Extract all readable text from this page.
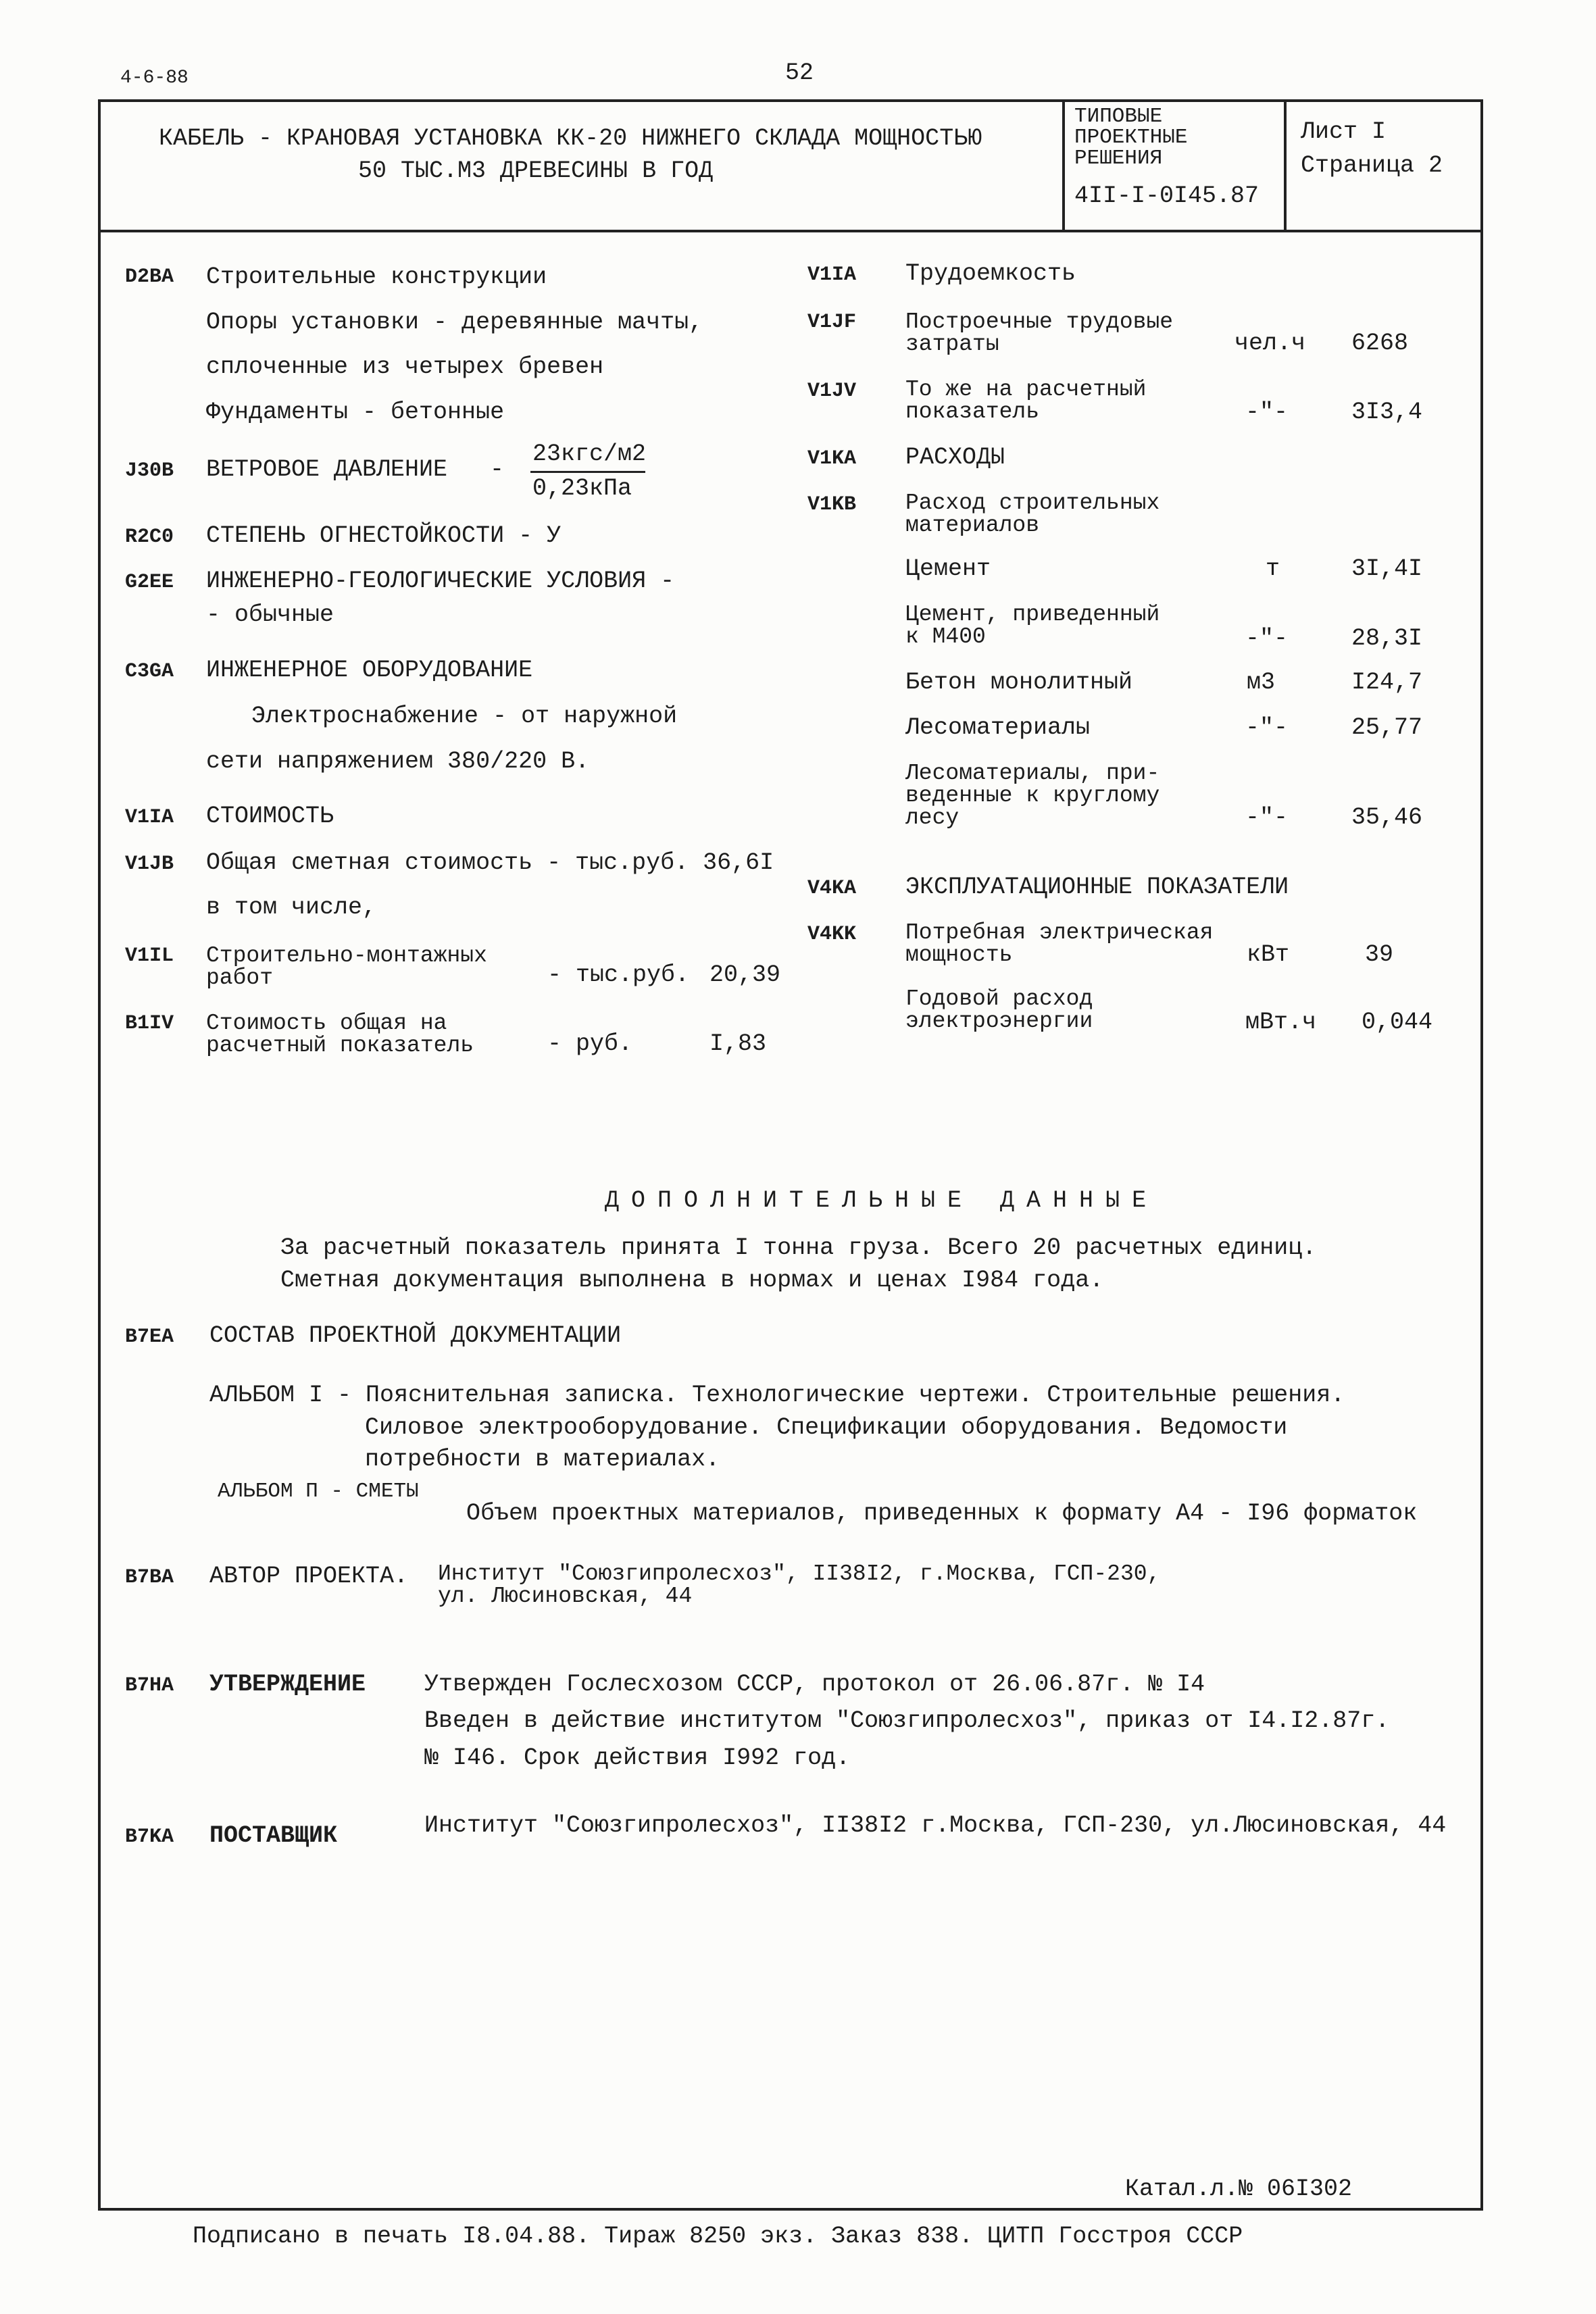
4-6-88	52
КАБЕЛЬ - КРАНОВАЯ УСТАНОВКА КК-20 НИЖНЕГО СКЛАДА МОЩНОСТЬЮ
50 ТЫС.М3 ДРЕВЕСИНЫ В ГОД
ТИПОВЫЕ
ПРОЕКТНЫЕ
РЕШЕНИЯ
4II-I-0I45.87
Лист I
Страница 2
D2BA Строительные конструкции
Опоры установки - деревянные мачты,
сплоченные из четырех бревен
Фундаменты - бетонные
J30B ВЕТРОВОЕ ДАВЛЕНИЕ -
23кгс/м2
0,23кПа
R2C0 СТЕПЕНЬ ОГНЕСТОЙКОСТИ - У
G2EE ИНЖЕНЕРНО-ГЕОЛОГИЧЕСКИЕ УСЛОВИЯ -
- обычные
C3GA ИНЖЕНЕРНОЕ ОБОРУДОВАНИЕ
Электроснабжение - от наружной
сети напряжением 380/220 В.
V1IA СТОИМОСТЬ
V1JB Общая сметная стоимость - тыс.руб. 36,6I
в том числе,
V1IL Строительно-монтажных
работ	- тыс.руб. 20,39
B1IV Стоимость общая на
расчетный показатель	- руб.	I,83
V1IA Трудоемкость
V1JF Построечные трудовые
затраты	чел.ч 6268
V1JV То же на расчетный
показатель	-"-	3I3,4
V1KA РАСХОДЫ
V1KB Расход строительных
материалов
Цемент	т	3I,4I
Цемент, приведенный
к М400	-"-	28,3I
Бетон монолитный	м3	I24,7
Лесоматериалы	-"-	25,77
Лесоматериалы, при-
веденные к круглому
лесу	-"-	35,46
V4KA ЭКСПЛУАТАЦИОННЫЕ ПОКАЗАТЕЛИ
V4KK Потребная электрическая
мощность	кВт	39
Годовой расход
электроэнергии	мВт.ч 0,044
ДОПОЛНИТЕЛЬНЫЕ ДАННЫЕ
За расчетный показатель принята I тонна груза. Всего 20 расчетных единиц.
Сметная документация выполнена в нормах и ценах I984 года.
B7EA СОСТАВ ПРОЕКТНОЙ ДОКУМЕНТАЦИИ
АЛЬБОМ I - Пояснительная записка. Технологические чертежи. Строительные решения.
Силовое электрооборудование. Спецификации оборудования. Ведомости
потребности в материалах.
АЛЬБОМ П - СМЕТЫ
Объем проектных материалов, приведенных к формату А4 - I96 форматок
B7BA АВТОР ПРОЕКТА. Институт "Союзгипролесхоз", II38I2, г.Москва, ГСП-230,
ул. Люсиновская, 44
B7HA УТВЕРЖДЕНИЕ Утвержден Гослесхозом СССР, протокол от 26.06.87г. № I4
Введен в действие институтом "Союзгипролесхоз", приказ от I4.I2.87г.
№ I46. Срок действия I992 год.
B7KA ПОСТАВЩИК	Институт "Союзгипролесхоз", II38I2 г.Москва, ГСП-230, ул.Люсиновская, 44
Катал.л.№ 06I302
Подписано в печать I8.04.88. Тираж 8250 экз. Заказ 838. ЦИТП Госстроя СССР
